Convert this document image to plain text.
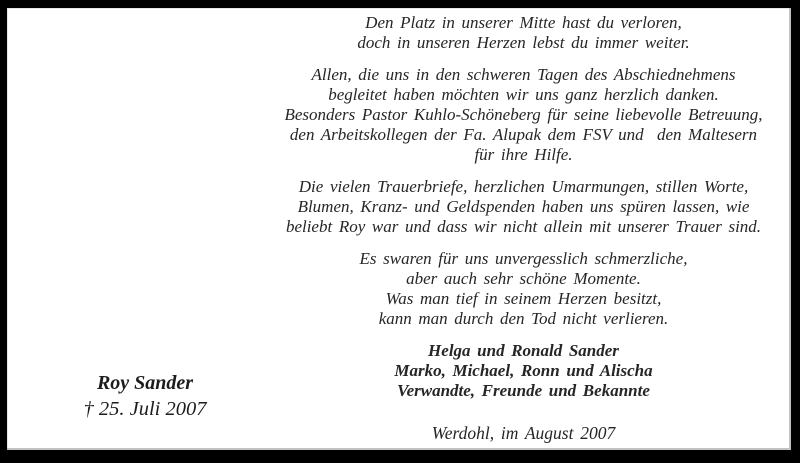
Den Platz in unserer Mitte hast du verloren,
doch in unseren Herzen lebst du immer weiter.
Allen, die uns in den schweren Tagen des Abschiednehmens
begleitet haben möchten wir uns ganz herzlich danken.
Besonders Pastor Kuhlo-Schöneberg für seine liebevolle Betreuung,
den Arbeitskollegen der Fa. Alupak dem FSV und  den Maltesern
für ihre Hilfe.
Die vielen Trauerbriefe, herzlichen Umarmungen, stillen Worte,
Blumen, Kranz- und Geldspenden haben uns spüren lassen, wie
beliebt Roy war und dass wir nicht allein mit unserer Trauer sind.
Es swaren für uns unvergesslich schmerzliche,
aber auch sehr schöne Momente.
Was man tief in seinem Herzen besitzt,
kann man durch den Tod nicht verlieren.
Helga und Ronald Sander
Marko, Michael, Ronn und Alischa
Verwandte, Freunde und Bekannte
Werdohl, im August 2007
Roy Sander
† 25. Juli 2007
